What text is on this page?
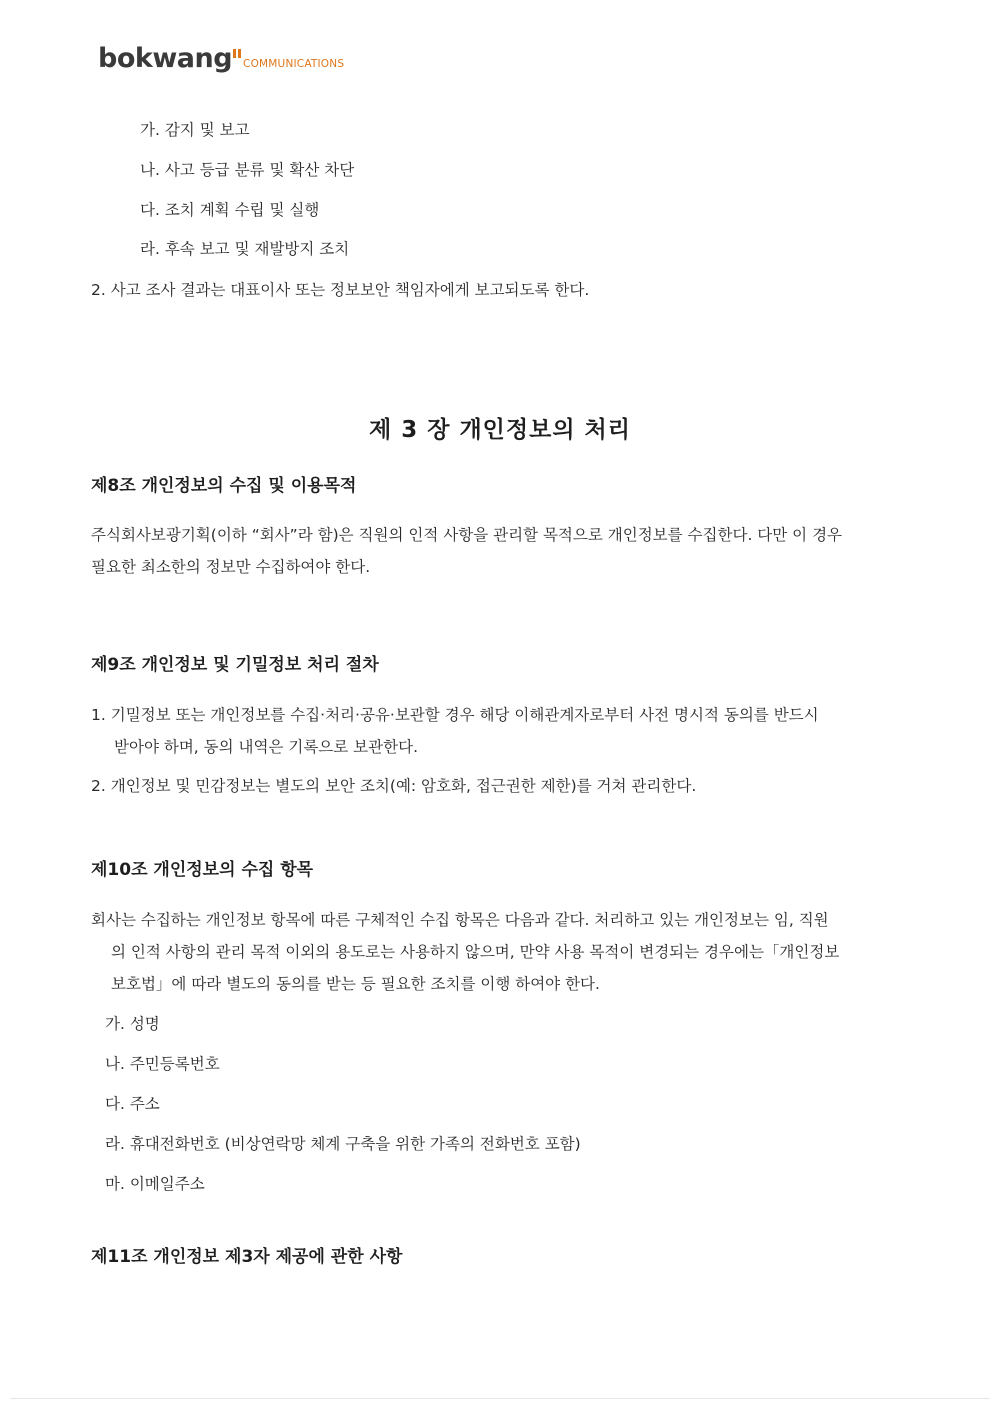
bokwang COMMUNICATIONS
가. 감지 및 보고
나. 사고 등급 분류 및 확산 차단
다. 조치 계획 수립 및 실행
라. 후속 보고 및 재발방지 조치
2. 사고 조사 결과는 대표이사 또는 정보보안 책임자에게 보고되도록 한다.
제 3 장 개인정보의 처리
제8조 개인정보의 수집 및 이용목적
주식회사보광기획(이하 “회사”라 함)은 직원의 인적 사항을 관리할 목적으로 개인정보를 수집한다. 다만 이 경우
필요한 최소한의 정보만 수집하여야 한다.
제9조 개인정보 및 기밀정보 처리 절차
1. 기밀정보 또는 개인정보를 수집·처리·공유·보관할 경우 해당 이해관계자로부터 사전 명시적 동의를 반드시
받아야 하며, 동의 내역은 기록으로 보관한다.
2. 개인정보 및 민감정보는 별도의 보안 조치(예: 암호화, 접근권한 제한)를 거쳐 관리한다.
제10조 개인정보의 수집 항목
회사는 수집하는 개인정보 항목에 따른 구체적인 수집 항목은 다음과 같다. 처리하고 있는 개인정보는 임, 직원
의 인적 사항의 관리 목적 이외의 용도로는 사용하지 않으며, 만약 사용 목적이 변경되는 경우에는「개인정보
보호법」에 따라 별도의 동의를 받는 등 필요한 조치를 이행 하여야 한다.
가. 성명
나. 주민등록번호
다. 주소
라. 휴대전화번호 (비상연락망 체계 구축을 위한 가족의 전화번호 포함)
마. 이메일주소
제11조 개인정보 제3자 제공에 관한 사항
